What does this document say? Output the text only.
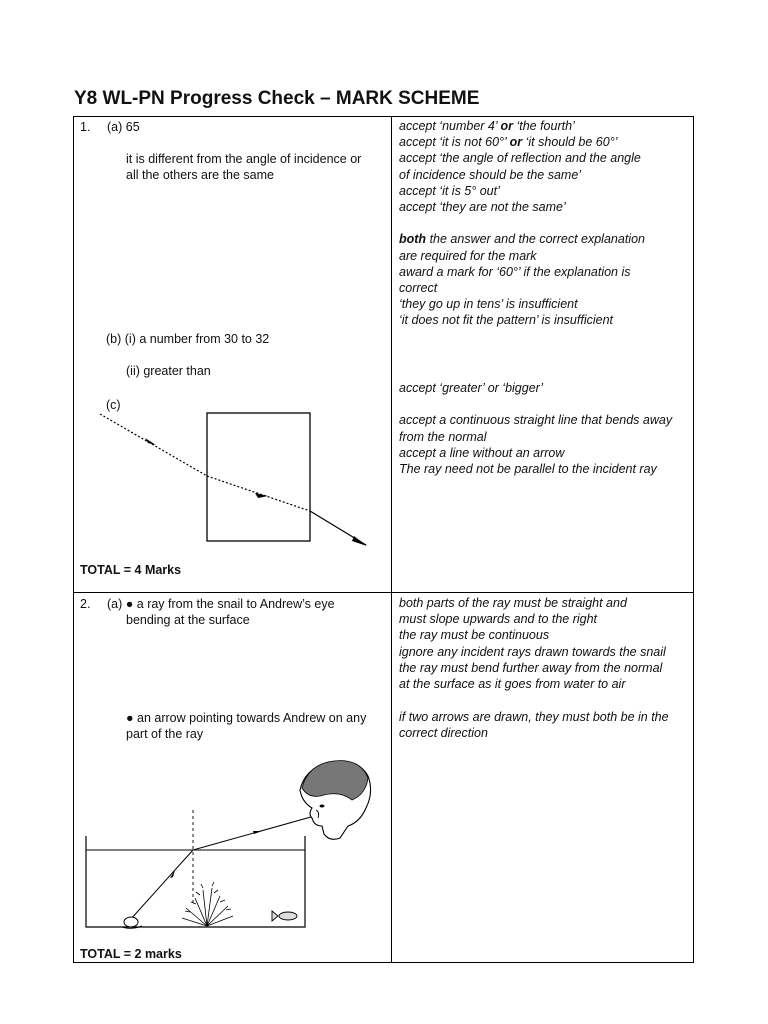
Y8 WL-PN Progress Check – MARK SCHEME
1. (a) 65
it is different from the angle of incidence or
all the others are the same
(b) (i) a number from 30 to 32
(ii) greater than
(c)
TOTAL = 4 Marks
accept ‘number 4’ or ‘the fourth’
accept ‘it is not 60°’ or ‘it should be 60°’
accept ‘the angle of reflection and the angle
of incidence should be the same’
accept ‘it is 5° out’
accept ‘they are not the same’
both the answer and the correct explanation
are required for the mark
award a mark for ‘60°’ if the explanation is
correct
‘they go up in tens’ is insufficient
‘it does not fit the pattern’ is insufficient
accept ‘greater’ or ‘bigger’
accept a continuous straight line that bends away
from the normal
accept a line without an arrow
The ray need not be parallel to the incident ray
2. (a) ● a ray from the snail to Andrew’s eye
bending at the surface
● an arrow pointing towards Andrew on any
part of the ray
TOTAL = 2 marks
both parts of the ray must be straight and
must slope upwards and to the right
the ray must be continuous
ignore any incident rays drawn towards the snail
the ray must bend further away from the normal
at the surface as it goes from water to air
if two arrows are drawn, they must both be in the
correct direction
